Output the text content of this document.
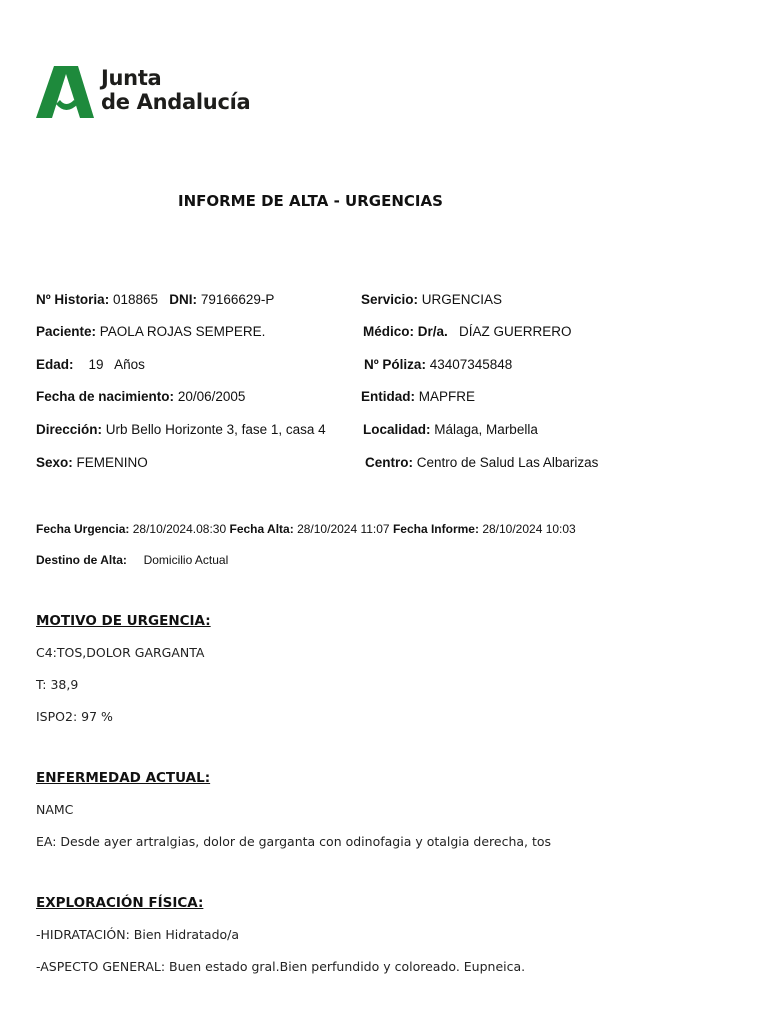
Junta
de Andalucía
INFORME DE ALTA - URGENCIAS
Nº Historia: 018865 DNI: 79166629-P
Paciente: PAOLA ROJAS SEMPERE.
Edad: 19 Años
Fecha de nacimiento: 20/06/2005
Dirección: Urb Bello Horizonte 3, fase 1, casa 4
Sexo: FEMENINO
Servicio: URGENCIAS
Médico: Dr/a. DÍAZ GUERRERO
Nº Póliza: 43407345848
Entidad: MAPFRE
Localidad: Málaga, Marbella
Centro: Centro de Salud Las Albarizas
Fecha Urgencia: 28/10/2024.08:30 Fecha Alta: 28/10/2024 11:07 Fecha Informe: 28/10/2024 10:03
Destino de Alta: Domicilio Actual
MOTIVO DE URGENCIA:
C4:TOS,DOLOR GARGANTA
T: 38,9
ISPO2: 97 %
ENFERMEDAD ACTUAL:
NAMC
EA: Desde ayer artralgias, dolor de garganta con odinofagia y otalgia derecha, tos
EXPLORACIÓN FÍSICA:
-HIDRATACIÓN: Bien Hidratado/a
-ASPECTO GENERAL: Buen estado gral.Bien perfundido y coloreado. Eupneica.
